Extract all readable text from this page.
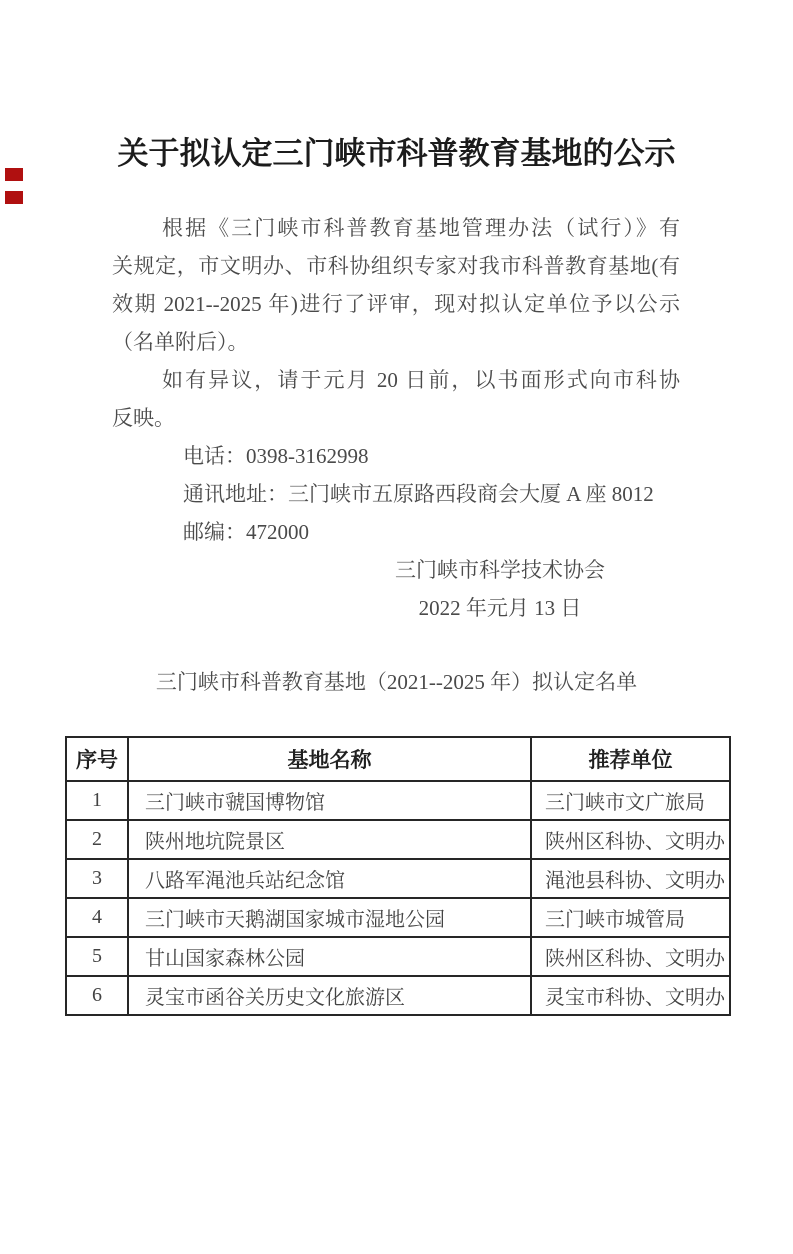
关于拟认定三门峡市科普教育基地的公示
根据《三门峡市科普教育基地管理办法（试行）》有
关规定，市文明办、市科协组织专家对我市科普教育基地(有
效期 2021--2025 年)进行了评审，现对拟认定单位予以公示
（名单附后）。
如有异议，请于元月 20 日前，以书面形式向市科协
反映。
电话：0398-3162998
通讯地址：三门峡市五原路西段商会大厦 A 座 8012
邮编：472000
三门峡市科学技术协会
2022 年元月 13 日
三门峡市科普教育基地（2021--2025 年）拟认定名单
序号	基地名称	推荐单位
1	三门峡市虢国博物馆	三门峡市文广旅局
2	陕州地坑院景区	陕州区科协、文明办
3	八路军渑池兵站纪念馆	渑池县科协、文明办
4	三门峡市天鹅湖国家城市湿地公园	三门峡市城管局
5	甘山国家森林公园	陕州区科协、文明办
6	灵宝市函谷关历史文化旅游区	灵宝市科协、文明办
